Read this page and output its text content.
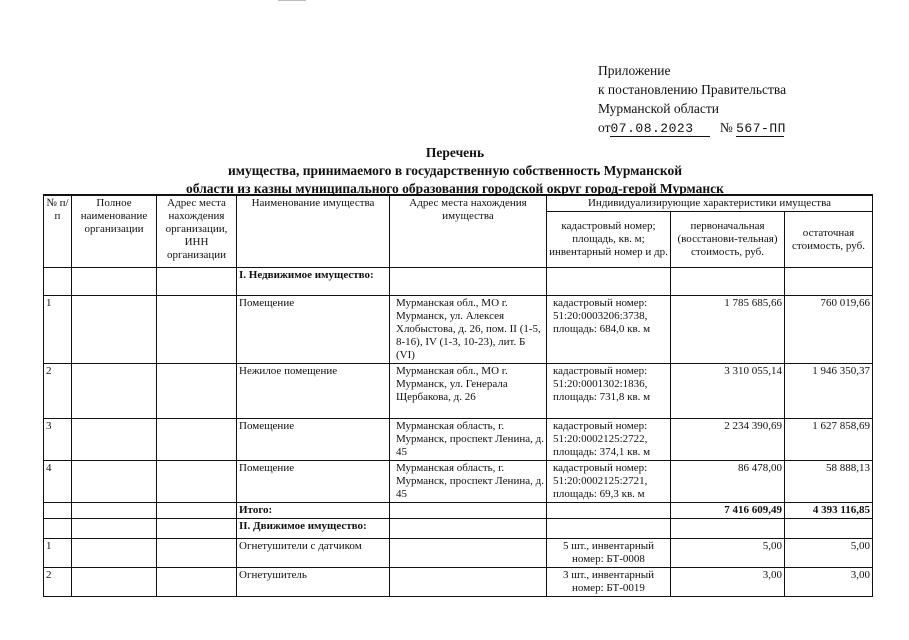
Приложение
к постановлению Правительства
Мурманской области
от07.08.2023 № 567-ПП
Перечень
имущества, принимаемого в государственную собственность Мурманской
области из казны муниципального образования городской округ город-герой Мурманск
№ п/п	Полное наименование организации	Адрес места нахождения организации, ИНН организации	Наименование имущества	Адрес места нахождения имущества	Индивидуализирующие характеристики имущества		
					кадастровый номер; площадь, кв. м; инвентарный номер и др.	первоначальная (восстанови-тельная) стоимость, руб.	остаточная стоимость, руб.
			I. Недвижимое имущество:				
1			Помещение	Мурманская обл., МО г. Мурманск, ул. Алексея Хлобыстова, д. 26, пом. II (1-5, 8-16), IV (1-3, 10-23), лит. Б (VI)	кадастровый номер: 51:20:0003206:3738, площадь: 684,0 кв. м	1 785 685,66	760 019,66
2			Нежилое помещение	Мурманская обл., МО г. Мурманск, ул. Генерала Щербакова, д. 26	кадастровый номер: 51:20:0001302:1836, площадь: 731,8 кв. м	3 310 055,14	1 946 350,37
3			Помещение	Мурманская область, г. Мурманск, проспект Ленина, д. 45	кадастровый номер: 51:20:0002125:2722, площадь: 374,1 кв. м	2 234 390,69	1 627 858,69
4			Помещение	Мурманская область, г. Мурманск, проспект Ленина, д. 45	кадастровый номер: 51:20:0002125:2721, площадь: 69,3 кв. м	86 478,00	58 888,13
			Итого:			7 416 609,49	4 393 116,85
			II. Движимое имущество:				
1			Огнетушители с датчиком		5 шт., инвентарный номер: БТ-0008	5,00	5,00
2			Огнетушитель		3 шт., инвентарный номер: БТ-0019	3,00	3,00
